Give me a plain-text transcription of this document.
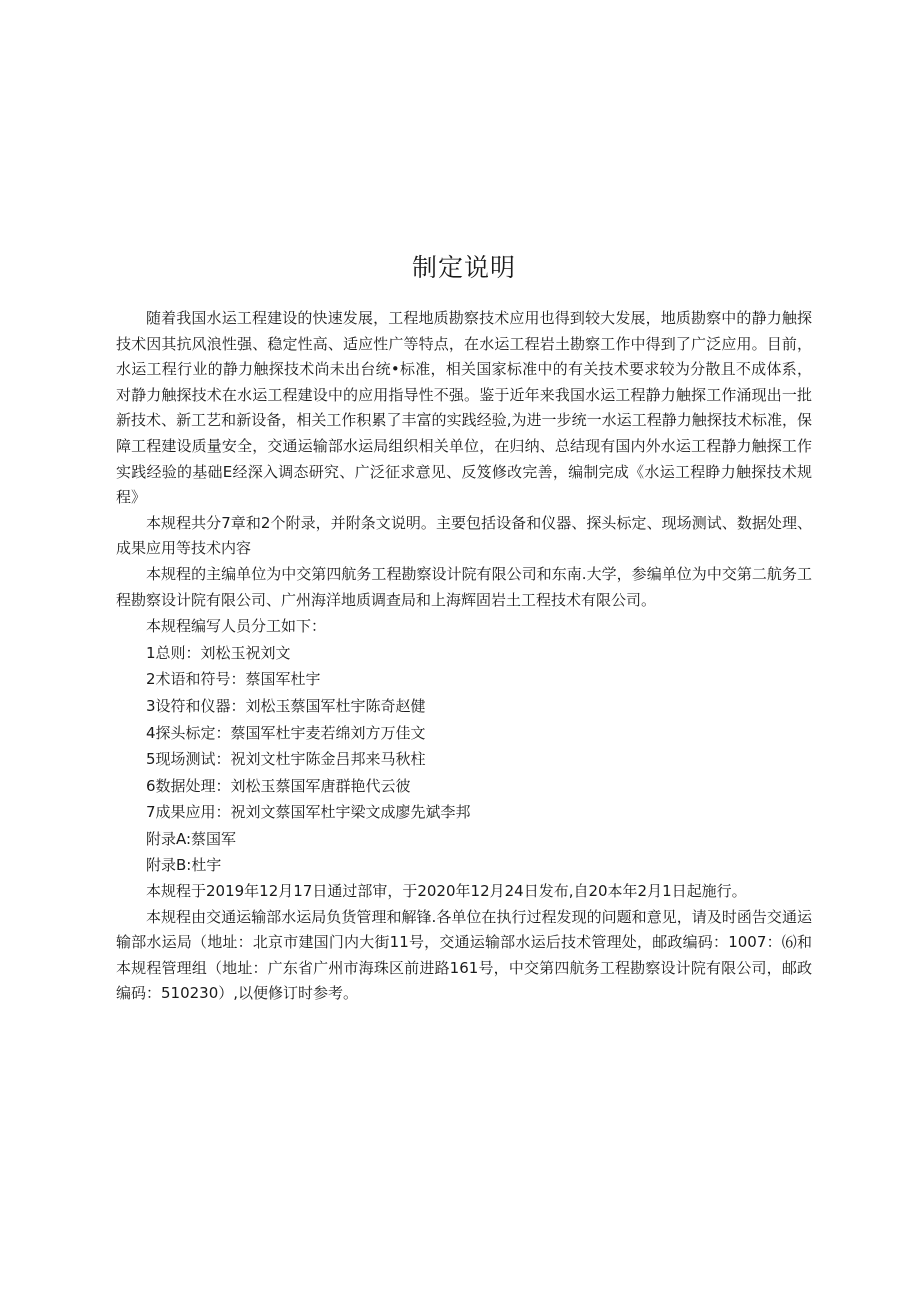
制定说明

随着我国水运工程建设的快速发展，工程地质勘察技术应用也得到较大发展，地质勘察中的静力触探技术因其抗风浪性强、稳定性高、适应性广等特点，在水运工程岩土勘察工作中得到了广泛应用。目前，水运工程行业的静力触探技术尚未出台统•标准，相关国家标准中的有关技术要求较为分散且不成体系，对静力触探技术在水运工程建设中的应用指导性不强。鉴于近年来我国水运工程静力触探工作涌现出一批新技术、新工艺和新设备，相关工作积累了丰富的实践经验,为进一步统一水运工程静力触探技术标准，保障工程建设质量安全，交通运输部水运局组织相关单位，在归纳、总结现有国内外水运工程静力触探工作实践经验的基础E经深入调态研究、广泛征求意见、反笈修改完善，编制完成《水运工程睁力触探技术规程》

本规程共分7章和2个附录，并附条文说明。主要包括设备和仪器、探头标定、现场测试、数据处理、成果应用等技术内容

本规程的主编单位为中交第四航务工程勘察设计院有限公司和东南.大学，参编单位为中交第二航务工程勘察设计院有限公司、广州海洋地质调查局和上海辉固岩土工程技术有限公司。

本规程编写人员分工如下：

1总则：刘松玉祝刘文

2术语和符号：蔡国军杜宇

3设符和仪器：刘松玉蔡国军杜宇陈奇赵健

4探头标定：蔡国军杜宇麦若绵刘方万佳文

5现场测试：祝刘文杜宇陈金吕邦来马秋柱

6数据处理：刘松玉蔡国军唐群艳代云彼

7成果应用：祝刘文蔡国军杜宇梁文成廖先斌李邦

附录A:蔡国军

附录B:杜宇

本规程于2019年12月17日通过部审，于2020年12月24日发布,自20本年2月1日起施行。

本规程由交通运输部水运局负货管理和解锋.各单位在执行过程发现的问题和意见，请及时函告交通运输部水运局（地址：北京市建国门内大街11号，交通运输部水运后技术管理处，邮政编码：1007：⑹和本规程管理组（地址：广东省广州市海珠区前进路161号，中交第四航务工程勘察设计院有限公司，邮政编码：510230）,以便修订时参考。
